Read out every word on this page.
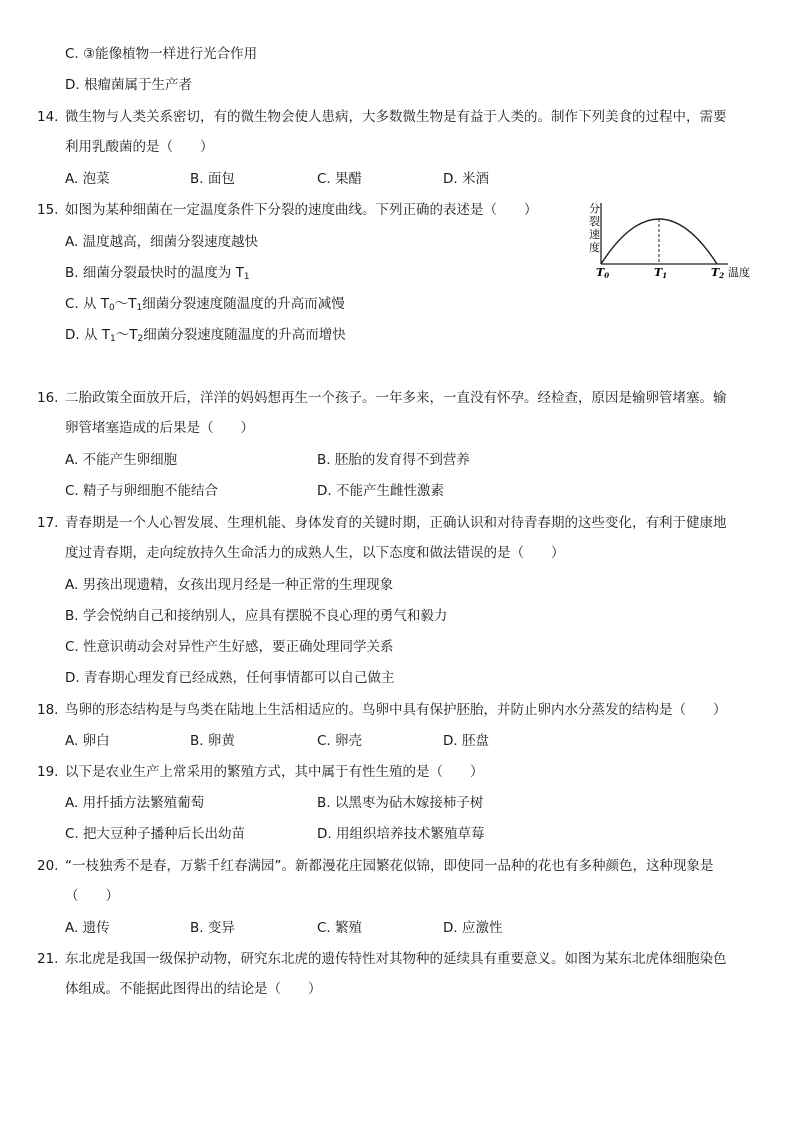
C. ③能像植物一样进行光合作用
D. 根瘤菌属于生产者
14. 微生物与人类关系密切，有的微生物会使人患病，大多数微生物是有益于人类的。制作下列美食的过程中，需要
利用乳酸菌的是（　　）
A. 泡菜	B. 面包	C. 果醋	D. 米酒
15. 如图为某种细菌在一定温度条件下分裂的速度曲线。下列正确的表述是（　　）
A. 温度越高，细菌分裂速度越快
B. 细菌分裂最快时的温度为 $T_1$
C. 从 $T_0\sim T_1$细菌分裂速度随温度的升高而减慢
D. 从 $T_1\sim T_2$细菌分裂速度随温度的升高而增快
分
裂
速
度
T0	T1	T2 温度
16. 二胎政策全面放开后，洋洋的妈妈想再生一个孩子。一年多来，一直没有怀孕。经检查，原因是输卵管堵塞。输
卵管堵塞造成的后果是（　　）
A. 不能产生卵细胞	B. 胚胎的发育得不到营养
C. 精子与卵细胞不能结合	D. 不能产生雌性激素
17. 青春期是一个人心智发展、生理机能、身体发育的关键时期，正确认识和对待青春期的这些变化，有利于健康地
度过青春期，走向绽放持久生命活力的成熟人生，以下态度和做法错误的是（　　）
A. 男孩出现遗精，女孩出现月经是一种正常的生理现象
B. 学会悦纳自己和接纳别人，应具有摆脱不良心理的勇气和毅力
C. 性意识萌动会对异性产生好感，要正确处理同学关系
D. 青春期心理发育已经成熟，任何事情都可以自己做主
18. 鸟卵的形态结构是与鸟类在陆地上生活相适应的。鸟卵中具有保护胚胎，并防止卵内水分蒸发的结构是（　　）
A. 卵白	B. 卵黄	C. 卵壳	D. 胚盘
19. 以下是农业生产上常采用的繁殖方式，其中属于有性生殖的是（　　）
A. 用扦插方法繁殖葡萄	B. 以黑枣为砧木嫁接柿子树
C. 把大豆种子播种后长出幼苗	D. 用组织培养技术繁殖草莓
20. “一枝独秀不是春，万紫千红春满园”。新都漫花庄园繁花似锦，即使同一品种的花也有多种颜色，这种现象是
（　　）
A. 遗传	B. 变异	C. 繁殖	D. 应激性
21. 东北虎是我国一级保护动物，研究东北虎的遗传特性对其物种的延续具有重要意义。如图为某东北虎体细胞染色
体组成。不能据此图得出的结论是（　　）
